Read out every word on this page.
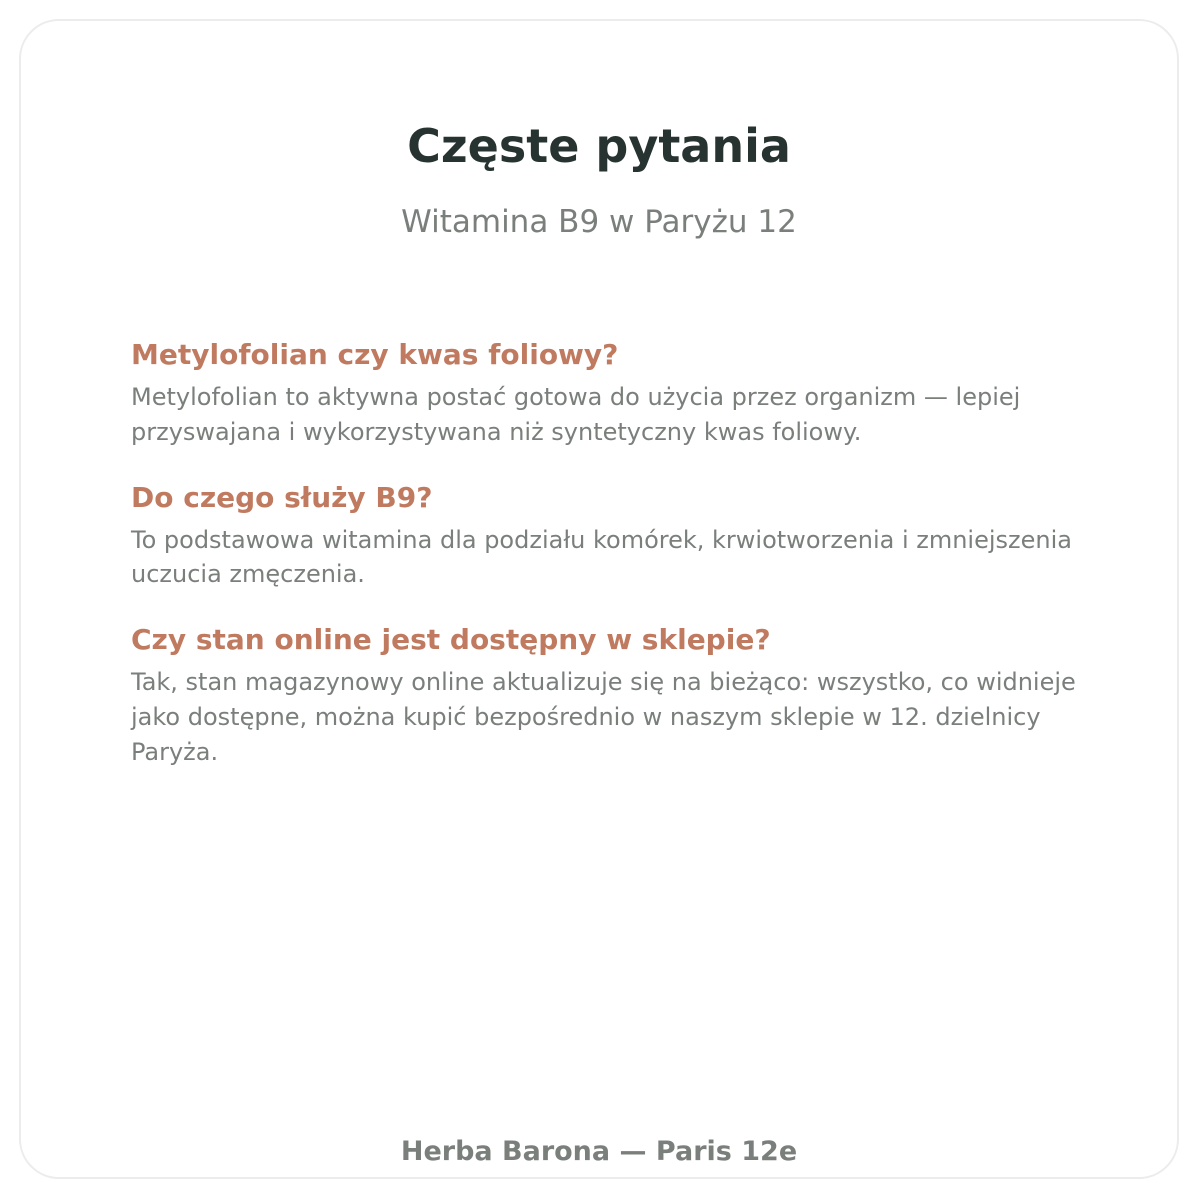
Częste pytania

Witamina B9 w Paryżu 12

Metylofolian czy kwas foliowy?

Metylofolian to aktywna postać gotowa do użycia przez organizm — lepiej przyswajana i wykorzystywana niż syntetyczny kwas foliowy.

Do czego służy B9?

To podstawowa witamina dla podziału komórek, krwiotworzenia i zmniejszenia uczucia zmęczenia.

Czy stan online jest dostępny w sklepie?

Tak, stan magazynowy online aktualizuje się na bieżąco: wszystko, co widnieje jako dostępne, można kupić bezpośrednio w naszym sklepie w 12. dzielnicy Paryża.

Herba Barona — Paris 12e
